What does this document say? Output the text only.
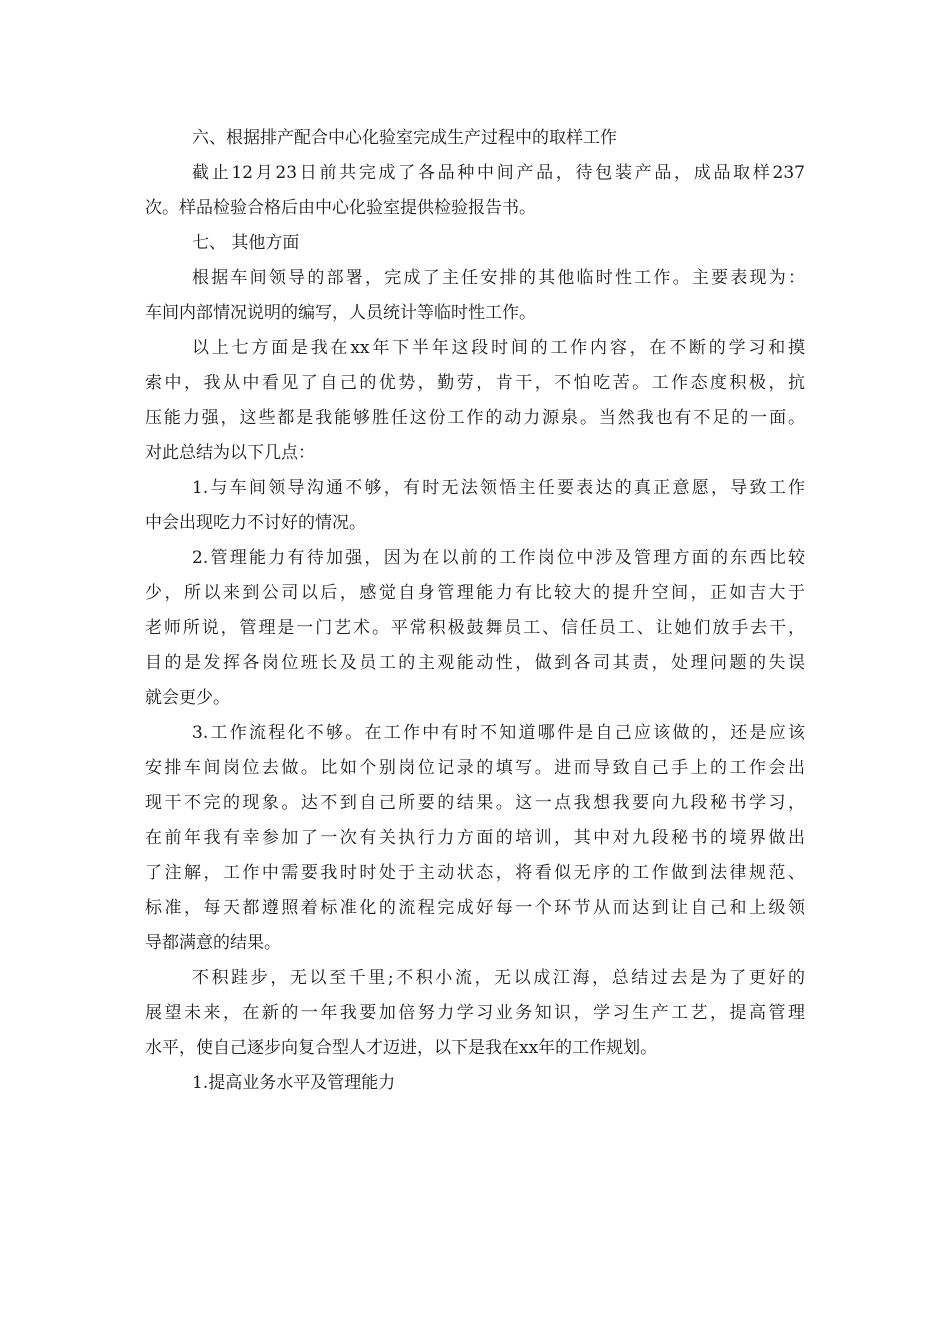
六、根据排产配合中心化验室完成生产过程中的取样工作
截止12月23日前共完成了各品种中间产品，待包装产品，成品取样237
次。样品检验合格后由中心化验室提供检验报告书。
七、 其他方面
根据车间领导的部署，完成了主任安排的其他临时性工作。主要表现为：
车间内部情况说明的编写，人员统计等临时性工作。
以上七方面是我在xx年下半年这段时间的工作内容，在不断的学习和摸
索中，我从中看见了自己的优势，勤劳，肯干，不怕吃苦。工作态度积极，抗
压能力强，这些都是我能够胜任这份工作的动力源泉。当然我也有不足的一面。
对此总结为以下几点：
1.与车间领导沟通不够，有时无法领悟主任要表达的真正意愿，导致工作
中会出现吃力不讨好的情况。
2.管理能力有待加强，因为在以前的工作岗位中涉及管理方面的东西比较
少，所以来到公司以后，感觉自身管理能力有比较大的提升空间，正如吉大于
老师所说，管理是一门艺术。平常积极鼓舞员工、信任员工、让她们放手去干，
目的是发挥各岗位班长及员工的主观能动性，做到各司其责，处理问题的失误
就会更少。
3.工作流程化不够。在工作中有时不知道哪件是自己应该做的，还是应该
安排车间岗位去做。比如个别岗位记录的填写。进而导致自己手上的工作会出
现干不完的现象。达不到自己所要的结果。这一点我想我要向九段秘书学习，
在前年我有幸参加了一次有关执行力方面的培训，其中对九段秘书的境界做出
了注解，工作中需要我时时处于主动状态，将看似无序的工作做到法律规范、
标准，每天都遵照着标准化的流程完成好每一个环节从而达到让自己和上级领
导都满意的结果。
不积跬步，无以至千里;不积小流，无以成江海，总结过去是为了更好的
展望未来，在新的一年我要加倍努力学习业务知识，学习生产工艺，提高管理
水平，使自己逐步向复合型人才迈进，以下是我在xx年的工作规划。
1.提高业务水平及管理能力
